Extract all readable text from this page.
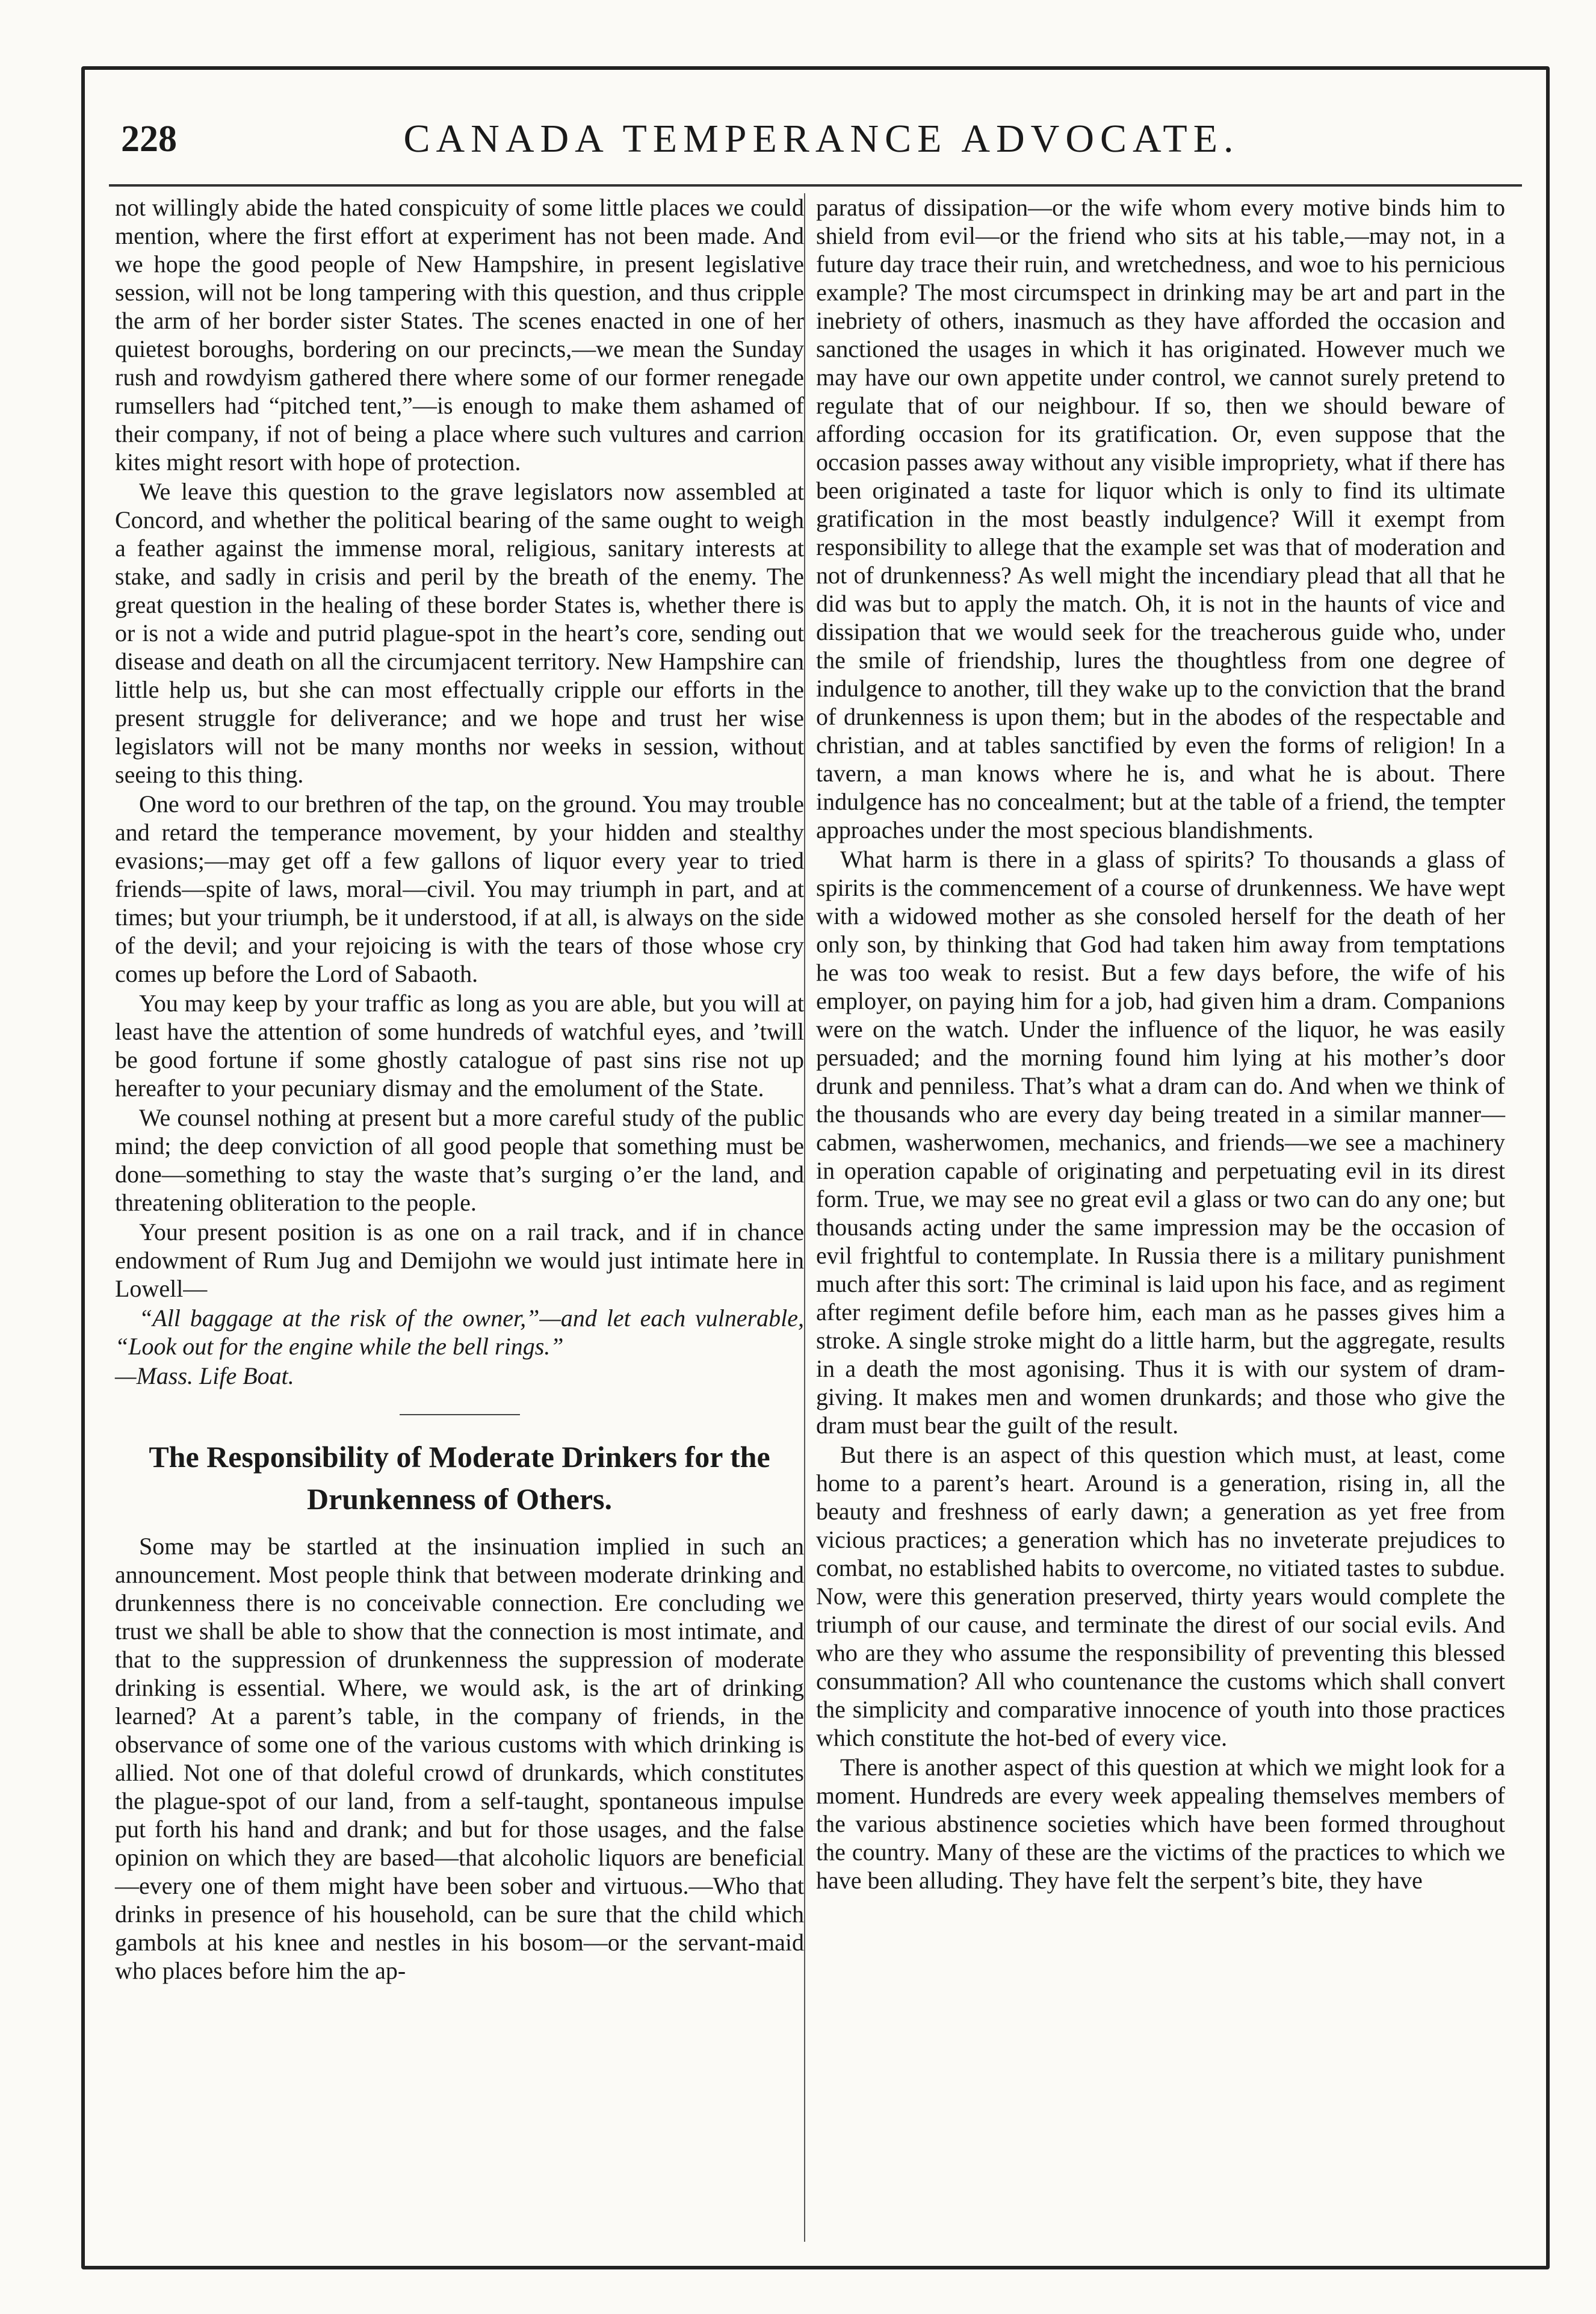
228	CANADA TEMPERANCE ADVOCATE.

not willingly abide the hated conspicuity of some little places we could mention, where the first effort at experiment has not been made. And we hope the good people of New Hampshire, in present legislative session, will not be long tampering with this question, and thus cripple the arm of her border sister States. The scenes enacted in one of her quietest boroughs, bordering on our precincts,—we mean the Sunday rush and rowdyism gathered there where some of our former renegade rumsellers had “pitched tent,”—is enough to make them ashamed of their company, if not of being a place where such vultures and carrion kites might resort with hope of protection.

We leave this question to the grave legislators now assembled at Concord, and whether the political bearing of the same ought to weigh a feather against the immense moral, religious, sanitary interests at stake, and sadly in crisis and peril by the breath of the enemy. The great question in the healing of these border States is, whether there is or is not a wide and putrid plague-spot in the heart’s core, sending out disease and death on all the circumjacent territory. New Hampshire can little help us, but she can most effectually cripple our efforts in the present struggle for deliverance; and we hope and trust her wise legislators will not be many months nor weeks in session, without seeing to this thing.

One word to our brethren of the tap, on the ground. You may trouble and retard the temperance movement, by your hidden and stealthy evasions;—may get off a few gallons of liquor every year to tried friends—spite of laws, moral—civil. You may triumph in part, and at times; but your triumph, be it understood, if at all, is always on the side of the devil; and your rejoicing is with the tears of those whose cry comes up before the Lord of Sabaoth.

You may keep by your traffic as long as you are able, but you will at least have the attention of some hundreds of watchful eyes, and ’twill be good fortune if some ghostly catalogue of past sins rise not up hereafter to your pecuniary dismay and the emolument of the State.

We counsel nothing at present but a more careful study of the public mind; the deep conviction of all good people that something must be done—something to stay the waste that’s surging o’er the land, and threatening obliteration to the people.

Your present position is as one on a rail track, and if in chance endowment of Rum Jug and Demijohn we would just intimate here in Lowell—

“All baggage at the risk of the owner,”—and let each vulnerable, “Look out for the engine while the bell rings.”

—Mass. Life Boat.

The Responsibility of Moderate Drinkers for the
Drunkenness of Others.

Some may be startled at the insinuation implied in such an announcement. Most people think that between moderate drinking and drunkenness there is no conceivable connection. Ere concluding we trust we shall be able to show that the connection is most intimate, and that to the suppression of drunkenness the suppression of moderate drinking is essential. Where, we would ask, is the art of drinking learned? At a parent’s table, in the company of friends, in the observance of some one of the various customs with which drinking is allied. Not one of that doleful crowd of drunkards, which constitutes the plague-spot of our land, from a self-taught, spontaneous impulse put forth his hand and drank; and but for those usages, and the false opinion on which they are based—that alcoholic liquors are beneficial—every one of them might have been sober and virtuous.—Who that drinks in presence of his household, can be sure that the child which gambols at his knee and nestles in his bosom—or the servant-maid who places before him the ap-

paratus of dissipation—or the wife whom every motive binds him to shield from evil—or the friend who sits at his table,—may not, in a future day trace their ruin, and wretchedness, and woe to his pernicious example? The most circumspect in drinking may be art and part in the inebriety of others, inasmuch as they have afforded the occasion and sanctioned the usages in which it has originated. However much we may have our own appetite under control, we cannot surely pretend to regulate that of our neighbour. If so, then we should beware of affording occasion for its gratification. Or, even suppose that the occasion passes away without any visible impropriety, what if there has been originated a taste for liquor which is only to find its ultimate gratification in the most beastly indulgence? Will it exempt from responsibility to allege that the example set was that of moderation and not of drunkenness? As well might the incendiary plead that all that he did was but to apply the match. Oh, it is not in the haunts of vice and dissipation that we would seek for the treacherous guide who, under the smile of friendship, lures the thoughtless from one degree of indulgence to another, till they wake up to the conviction that the brand of drunkenness is upon them; but in the abodes of the respectable and christian, and at tables sanctified by even the forms of religion! In a tavern, a man knows where he is, and what he is about. There indulgence has no concealment; but at the table of a friend, the tempter approaches under the most specious blandishments.

What harm is there in a glass of spirits? To thousands a glass of spirits is the commencement of a course of drunkenness. We have wept with a widowed mother as she consoled herself for the death of her only son, by thinking that God had taken him away from temptations he was too weak to resist. But a few days before, the wife of his employer, on paying him for a job, had given him a dram. Companions were on the watch. Under the influence of the liquor, he was easily persuaded; and the morning found him lying at his mother’s door drunk and penniless. That’s what a dram can do. And when we think of the thousands who are every day being treated in a similar manner—cabmen, washerwomen, mechanics, and friends—we see a machinery in operation capable of originating and perpetuating evil in its direst form. True, we may see no great evil a glass or two can do any one; but thousands acting under the same impression may be the occasion of evil frightful to contemplate. In Russia there is a military punishment much after this sort: The criminal is laid upon his face, and as regiment after regiment defile before him, each man as he passes gives him a stroke. A single stroke might do a little harm, but the aggregate, results in a death the most agonising. Thus it is with our system of dram-giving. It makes men and women drunkards; and those who give the dram must bear the guilt of the result.

But there is an aspect of this question which must, at least, come home to a parent’s heart. Around is a generation, rising in, all the beauty and freshness of early dawn; a generation as yet free from vicious practices; a generation which has no inveterate prejudices to combat, no established habits to overcome, no vitiated tastes to subdue. Now, were this generation preserved, thirty years would complete the triumph of our cause, and terminate the direst of our social evils. And who are they who assume the responsibility of preventing this blessed consummation? All who countenance the customs which shall convert the simplicity and comparative innocence of youth into those practices which constitute the hot-bed of every vice.

There is another aspect of this question at which we might look for a moment. Hundreds are every week appealing themselves members of the various abstinence societies which have been formed throughout the country. Many of these are the victims of the practices to which we have been alluding. They have felt the serpent’s bite, they have
